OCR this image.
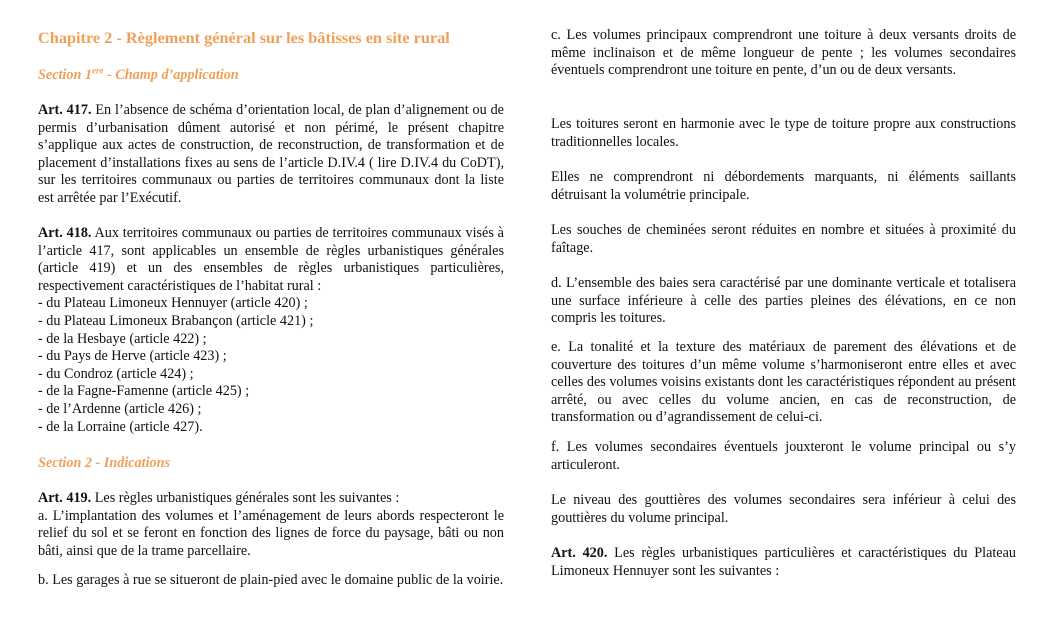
Chapitre 2 - Règlement général sur les bâtisses en site rural
Section 1ere - Champ d’application

Art. 417. En l’absence de schéma d’orientation local, de plan d’alignement ou de permis d’urbanisation dûment autorisé et non périmé, le présent chapitre s’applique aux actes de construction, de reconstruction, de transformation et de placement d’installations fixes au sens de l’article D.IV.4 ( lire D.IV.4 du CoDT), sur les territoires communaux ou parties de territoires communaux dont la liste est arrêtée par l’Exécutif.

Art. 418. Aux territoires communaux ou parties de territoires communaux visés à l’article 417, sont applicables un ensemble de règles urbanistiques générales (article 419) et un des ensembles de règles urbanistiques particulières, respectivement caractéristiques de l’habitat rural :

- du Plateau Limoneux Hennuyer (article 420) ;
- du Plateau Limoneux Brabançon (article 421) ;
- de la Hesbaye (article 422) ;
- du Pays de Herve (article 423) ;
- du Condroz (article 424) ;
- de la Fagne-Famenne (article 425) ;
- de l’Ardenne (article 426) ;
- de la Lorraine (article 427).
Section 2 - Indications

Art. 419. Les règles urbanistiques générales sont les suivantes :

a. L’implantation des volumes et l’aménagement de leurs abords respecteront le relief du sol et se feront en fonction des lignes de force du paysage, bâti ou non bâti, ainsi que de la trame parcellaire.

b. Les garages à rue se situeront de plain-pied avec le domaine public de la voirie.

c. Les volumes principaux comprendront une toiture à deux versants droits de même inclinaison et de même longueur de pente ; les volumes secondaires éventuels comprendront une toiture en pente, d’un ou de deux versants.

Les toitures seront en harmonie avec le type de toiture propre aux constructions traditionnelles locales.

Elles ne comprendront ni débordements marquants, ni éléments saillants détruisant la volumétrie principale.

Les souches de cheminées seront réduites en nombre et situées à proximité du faîtage.

d. L’ensemble des baies sera caractérisé par une dominante verticale et totalisera une surface inférieure à celle des parties pleines des élévations, en ce non compris les toitures.

e. La tonalité et la texture des matériaux de parement des élévations et de couverture des toitures d’un même volume s’harmoniseront entre elles et avec celles des volumes voisins existants dont les caractéristiques répondent au présent arrêté, ou avec celles du volume ancien, en cas de reconstruction, de transformation ou d’agrandissement de celui-ci.

f. Les volumes secondaires éventuels jouxteront le volume principal ou s’y articuleront.

Le niveau des gouttières des volumes secondaires sera inférieur à celui des gouttières du volume principal.

Art. 420. Les règles urbanistiques particulières et caractéristiques du Plateau Limoneux Hennuyer sont les suivantes :
